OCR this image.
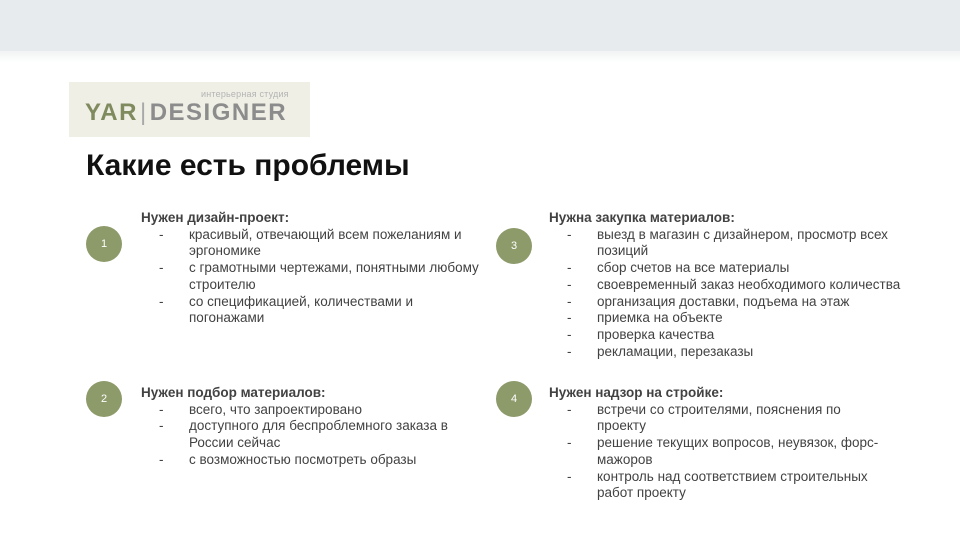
интерьерная студия
YAR|DESIGNER
Какие есть проблемы
1

Нужен дизайн-проект:

- красивый, отвечающий всем пожеланиям и эргономике
- с грамотными чертежами, понятными любому строителю
- со спецификацией, количествами и погонажами
2	Нужен подбор материалов:

- всего, что запроектировано
- доступного для беспроблемного заказа в России сейчас
- с возможностью посмотреть образы
3

Нужна закупка материалов:

- выезд в магазин с дизайнером, просмотр всех позиций
- сбор счетов на все материалы
- своевременный заказ необходимого количества
- организация доставки, подъема на этаж
- приемка на объекте
- проверка качества
- рекламации, перезаказы
4	Нужен надзор на стройке:

- встречи со строителями, пояснения по проекту
- решение текущих вопросов, неувязок, форс-мажоров
- контроль над соответствием строительных работ проекту
